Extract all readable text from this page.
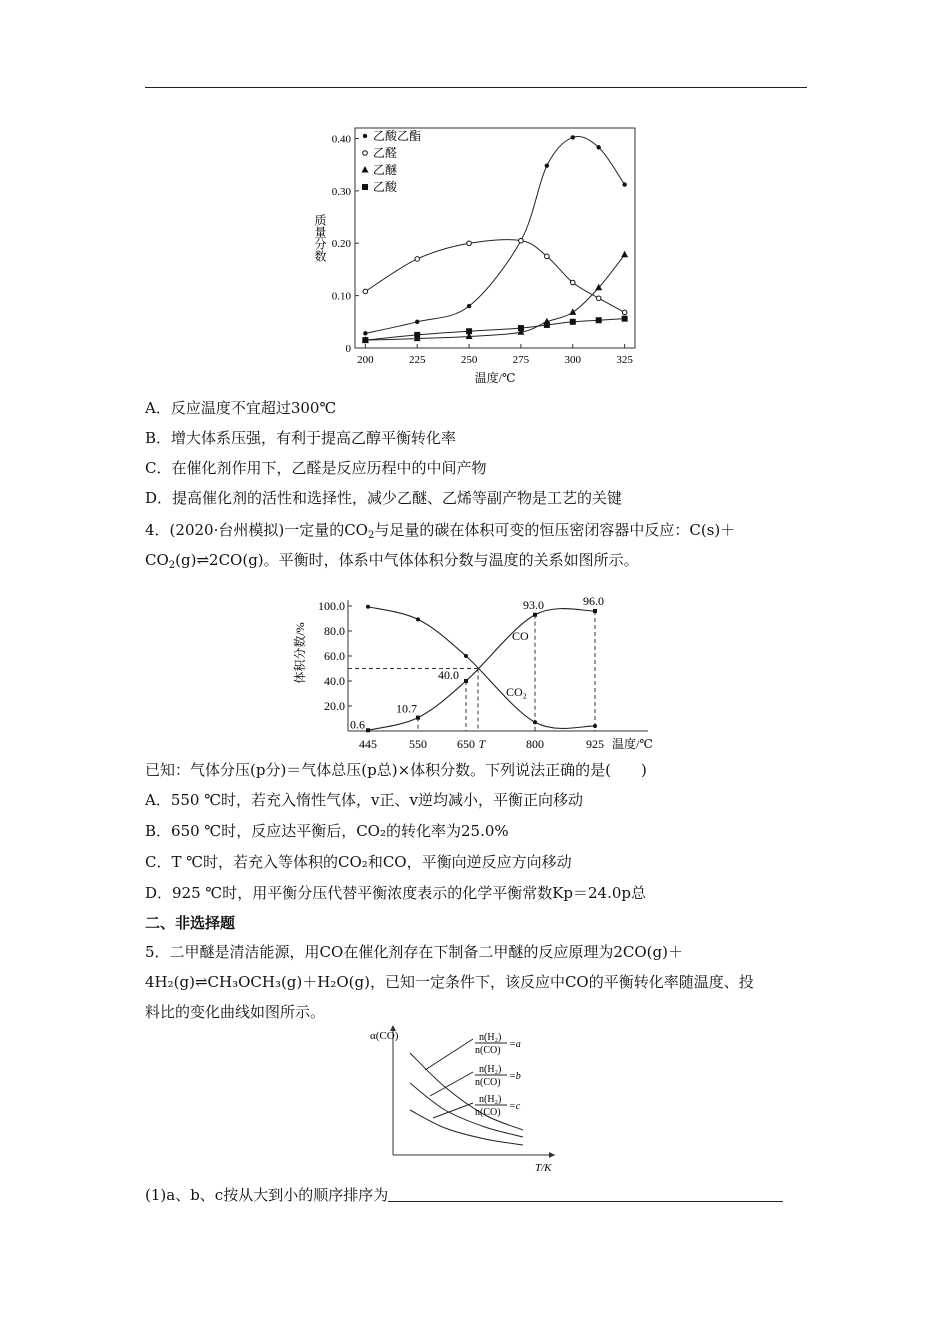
0
0.10
0.20
0.30
0.40
200	225	250	275	300	325
温度/℃
质量分数
乙酸乙酯
乙醛
乙醚
乙酸
A．反应温度不宜超过300℃
B．增大体系压强，有利于提高乙醇平衡转化率
C．在催化剂作用下，乙醛是反应历程中的中间产物
D．提高催化剂的活性和选择性，减少乙醚、乙烯等副产物是工艺的关键
4．(2020·台州模拟)一定量的$CO_2$与足量的碳在体积可变的恒压密闭容器中反应：C(s)＋
$CO_2(g)\rightleftharpoons 2CO(g)$。平衡时，体系中气体体积分数与温度的关系如图所示。
20.0
40.0
60.0
80.0
100.0
体积分数/%
445	550	650 T	800	925 温度/℃
0.6
10.7
40.0
93.0	96.0
CO
CO₂
已知：气体分压(p分)＝气体总压(p总)×体积分数。下列说法正确的是(　　)
A．550 ℃时，若充入惰性气体，v正、v逆均减小，平衡正向移动
B．650 ℃时，反应达平衡后，CO₂的转化率为25.0%
C．T ℃时，若充入等体积的CO₂和CO，平衡向逆反应方向移动
D．925 ℃时，用平衡分压代替平衡浓度表示的化学平衡常数Kp＝24.0p总
二、非选择题
5．二甲醚是清洁能源，用CO在催化剂存在下制备二甲醚的反应原理为2CO(g)＋
4H₂(g)⇌CH₃OCH₃(g)＋H₂O(g)，已知一定条件下，该反应中CO的平衡转化率随温度、投
料比的变化曲线如图所示。
α(CO)
T/K
n(H₂)
n(CO)
=a
n(H₂)
n(CO)
=b
n(H₂)
n(CO)
=c
(1)a、b、c按从大到小的顺序排序为
